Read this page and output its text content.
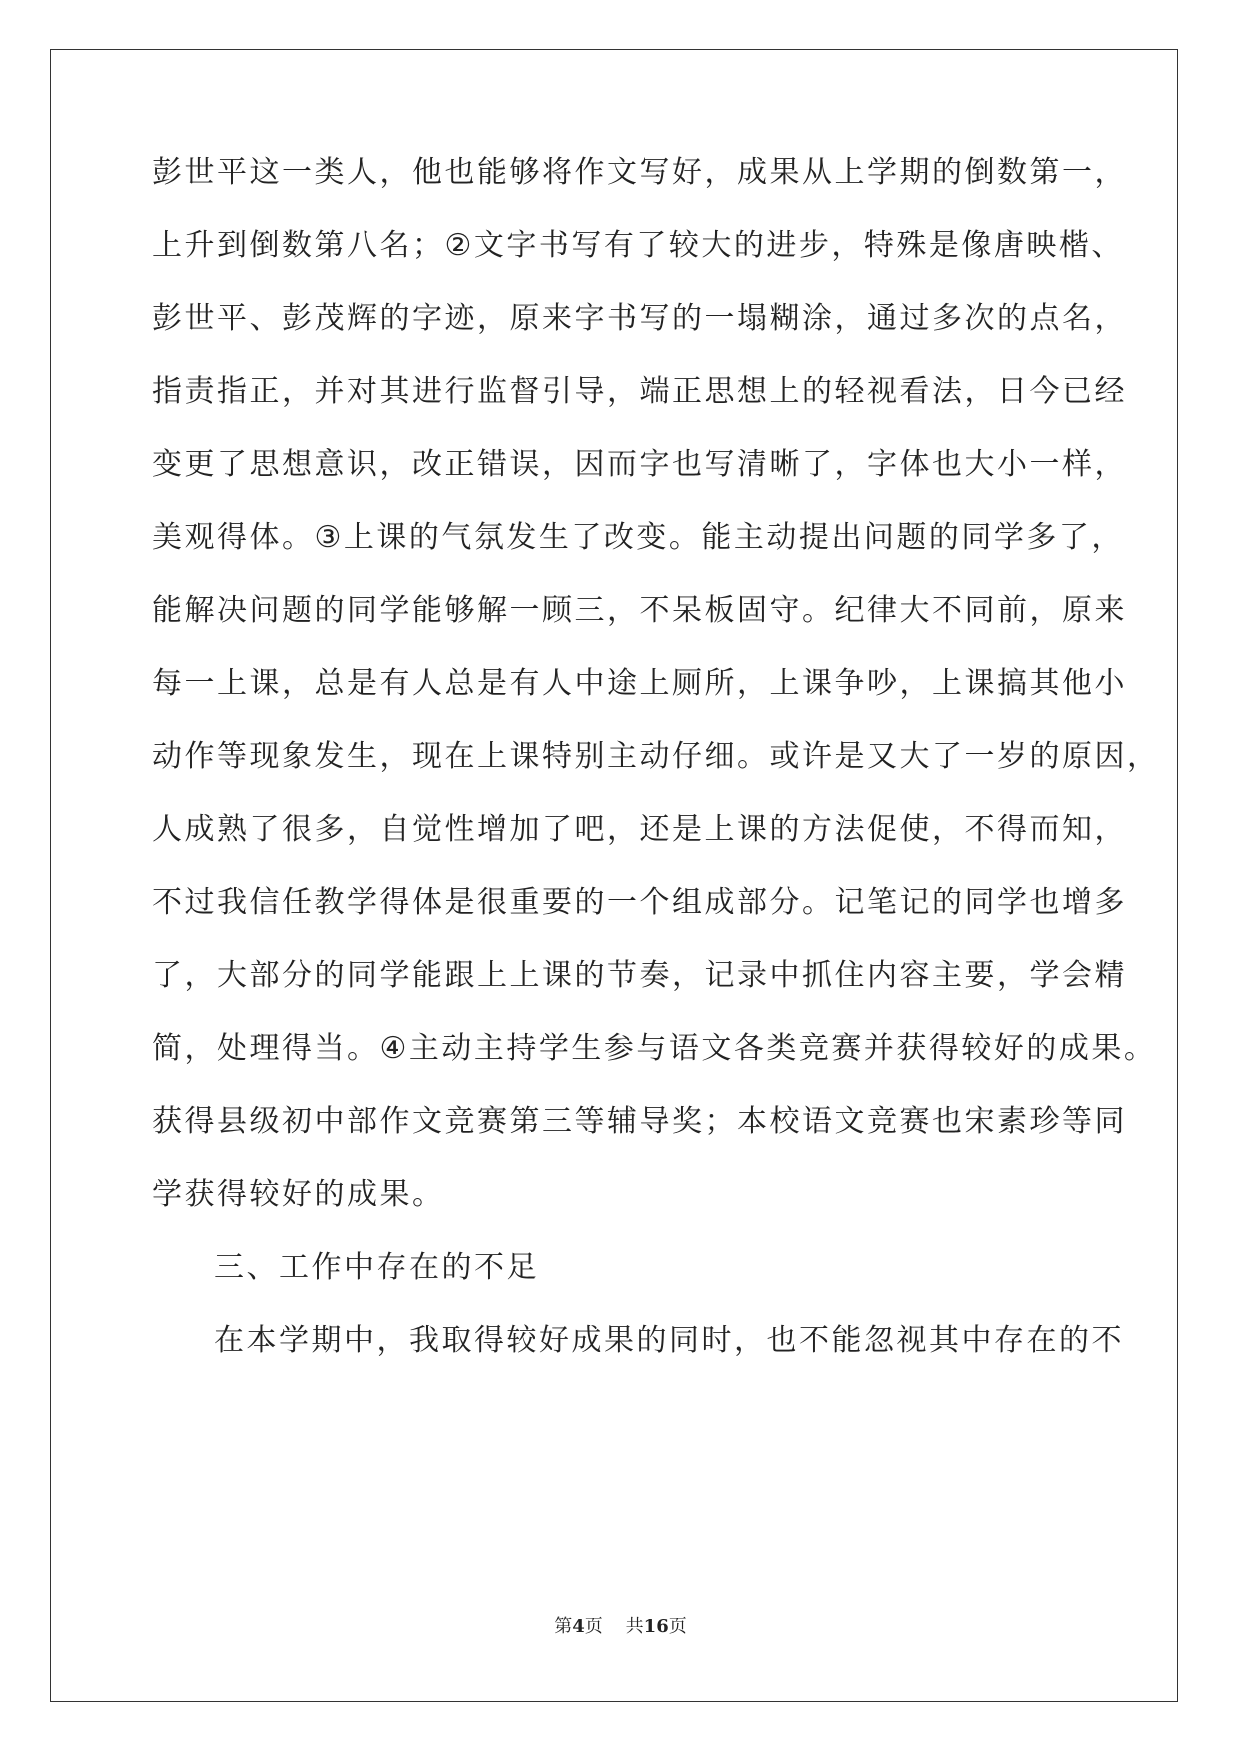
彭世平这一类人，他也能够将作文写好，成果从上学期的倒数第一，
上升到倒数第八名；②文字书写有了较大的进步，特殊是像唐映楷、
彭世平、彭茂辉的字迹，原来字书写的一塌糊涂，通过多次的点名，
指责指正，并对其进行监督引导，端正思想上的轻视看法，日今已经
变更了思想意识，改正错误，因而字也写清晰了，字体也大小一样，
美观得体。③上课的气氛发生了改变。能主动提出问题的同学多了，
能解决问题的同学能够解一顾三，不呆板固守。纪律大不同前，原来
每一上课，总是有人总是有人中途上厕所，上课争吵，上课搞其他小
动作等现象发生，现在上课特别主动仔细。或许是又大了一岁的原因，
人成熟了很多，自觉性增加了吧，还是上课的方法促使，不得而知，
不过我信任教学得体是很重要的一个组成部分。记笔记的同学也增多
了，大部分的同学能跟上上课的节奏，记录中抓住内容主要，学会精
简，处理得当。④主动主持学生参与语文各类竞赛并获得较好的成果。
获得县级初中部作文竞赛第三等辅导奖；本校语文竞赛也宋素珍等同
学获得较好的成果。
三、工作中存在的不足
在本学期中，我取得较好成果的同时，也不能忽视其中存在的不
第4页 共16页
